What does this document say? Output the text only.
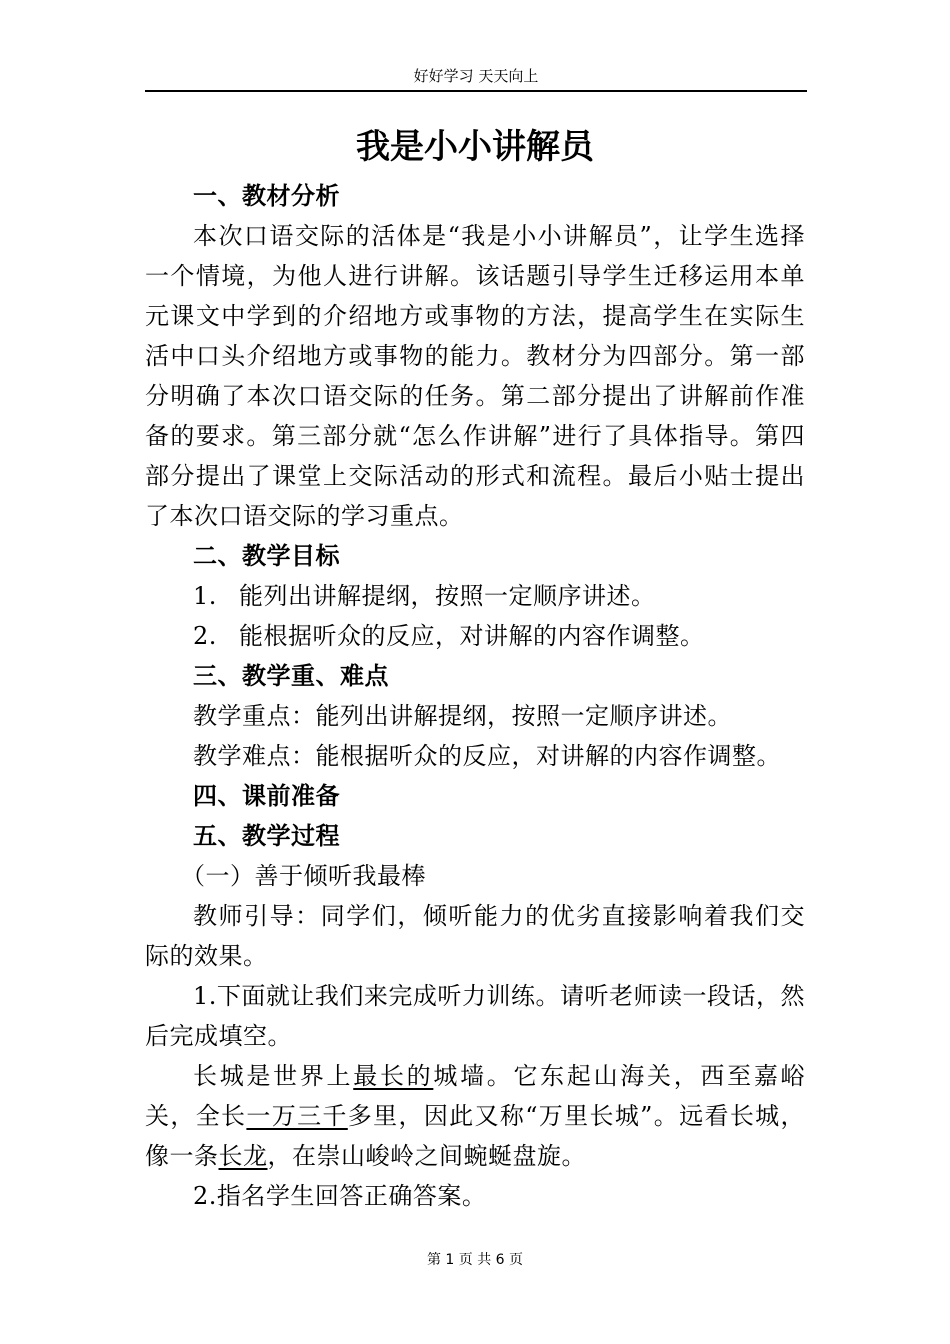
好好学习 天天向上
我是小小讲解员
一、教材分析

本次口语交际的活体是“我是小小讲解员”，让学生选择一个情境，为他人进行讲解。该话题引导学生迁移运用本单元课文中学到的介绍地方或事物的方法，提高学生在实际生活中口头介绍地方或事物的能力。教材分为四部分。第一部分明确了本次口语交际的任务。第二部分提出了讲解前作准备的要求。第三部分就“怎么作讲解”进行了具体指导。第四部分提出了课堂上交际活动的形式和流程。最后小贴士提出了本次口语交际的学习重点。

二、教学目标

1. 能列出讲解提纲，按照一定顺序讲述。

2. 能根据听众的反应，对讲解的内容作调整。

三、教学重、难点

教学重点：能列出讲解提纲，按照一定顺序讲述。

教学难点：能根据听众的反应，对讲解的内容作调整。

四、课前准备
五、教学过程

（一）善于倾听我最棒

教师引导：同学们，倾听能力的优劣直接影响着我们交际的效果。

1.下面就让我们来完成听力训练。请听老师读一段话，然后完成填空。

长城是世界上最长的城墙。它东起山海关，西至嘉峪关，全长一万三千多里，因此又称“万里长城”。远看长城，像一条长龙，在崇山峻岭之间蜿蜒盘旋。

2.指名学生回答正确答案。

第 1 页 共 6 页
